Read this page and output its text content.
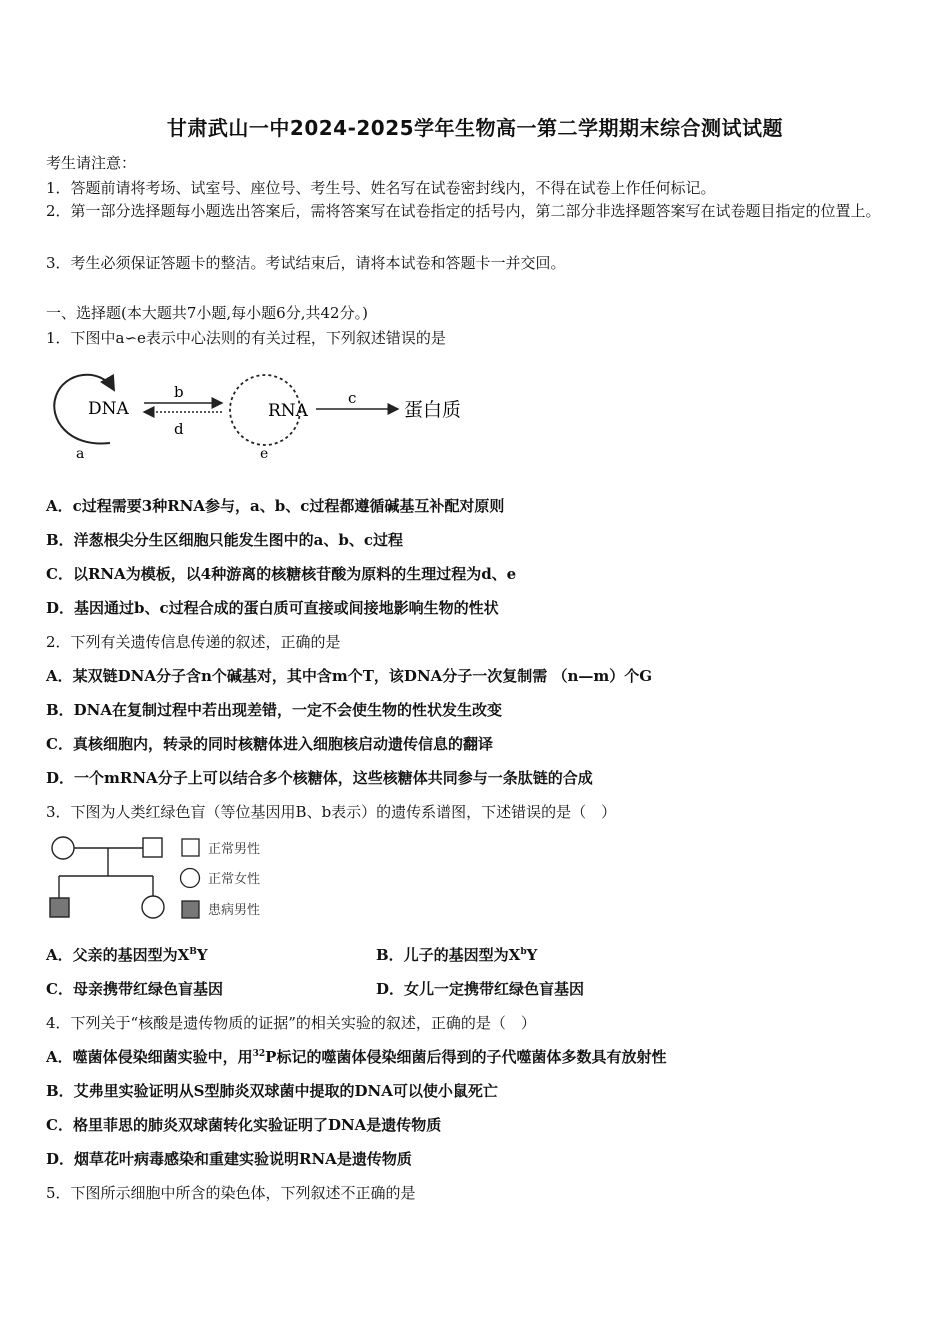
甘肃武山一中2024-2025学年生物高一第二学期期末综合测试试题
考生请注意：
1．答题前请将考场、试室号、座位号、考生号、姓名写在试卷密封线内，不得在试卷上作任何标记。
2．第一部分选择题每小题选出答案后，需将答案写在试卷指定的括号内，第二部分非选择题答案写在试卷题目指定的位置上。
3．考生必须保证答题卡的整洁。考试结束后，请将本试卷和答题卡一并交回。
一、选择题(本大题共7小题,每小题6分,共42分。)
1．下图中a∽e表示中心法则的有关过程，下列叙述错误的是
DNA
a
b
d
RNA
e
c
蛋白质
A．c过程需要3种RNA参与，a、b、c过程都遵循碱基互补配对原则
B．洋葱根尖分生区细胞只能发生图中的a、b、c过程
C．以RNA为模板，以4种游离的核糖核苷酸为原料的生理过程为d、e
D．基因通过b、c过程合成的蛋白质可直接或间接地影响生物的性状
2．下列有关遗传信息传递的叙述，正确的是
A．某双链DNA分子含n个碱基对，其中含m个T，该DNA分子一次复制需 （n—m）个G
B．DNA在复制过程中若出现差错，一定不会使生物的性状发生改变
C．真核细胞内，转录的同时核糖体进入细胞核启动遗传信息的翻译
D．一个mRNA分子上可以结合多个核糖体，这些核糖体共同参与一条肽链的合成
3．下图为人类红绿色盲（等位基因用B、b表示）的遗传系谱图，下述错误的是（　）
正常男性
正常女性
患病男性
A．父亲的基因型为$X^BY$	B．儿子的基因型为$X^bY$
C．母亲携带红绿色盲基因	D．女儿一定携带红绿色盲基因
4．下列关于“核酸是遗传物质的证据”的相关实验的叙述，正确的是（　）
A．噬菌体侵染细菌实验中，用$^{32}$P标记的噬菌体侵染细菌后得到的子代噬菌体多数具有放射性
B．艾弗里实验证明从S型肺炎双球菌中提取的DNA可以使小鼠死亡
C．格里菲思的肺炎双球菌转化实验证明了DNA是遗传物质
D．烟草花叶病毒感染和重建实验说明RNA是遗传物质
5．下图所示细胞中所含的染色体，下列叙述不正确的是
